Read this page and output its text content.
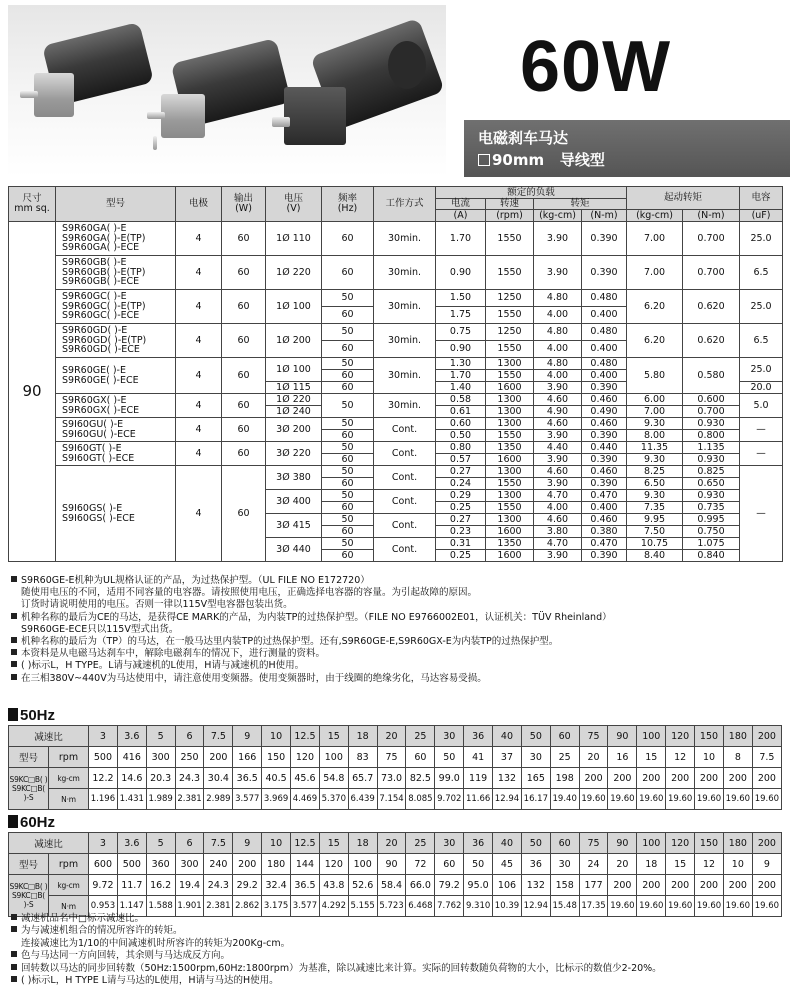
60W
电磁刹车马达
90mm 导线型
尺寸
mm sq.	型号	电极	输出
(W)	电压
(V)	频率
(Hz)	工作方式	额定的负载				起动转矩		电容
							电流	转速	转矩				
							(A)	(rpm)	(kg-cm)	(N-m)	(kg-cm)	(N-m)	(uF)
90	S9R60GA( )-E
S9R60GA( )-E(TP)
S9R60GA( )-ECE	4	60	1Ø 110	60	30min.	1.70	1550	3.90	0.390	7.00	0.700	25.0
	S9R60GB( )-E
S9R60GB( )-E(TP)
S9R60GB( )-ECE	4	60	1Ø 220	60	30min.	0.90	1550	3.90	0.390	7.00	0.700	6.5
	S9R60GC( )-E
S9R60GC( )-E(TP)
S9R60GC( )-ECE	4	60	1Ø 100	50	30min.	1.50	1250	4.80	0.480	6.20	0.620	25.0
					60		1.75	1550	4.00	0.400			
	S9R60GD( )-E
S9R60GD( )-E(TP)
S9R60GD( )-ECE	4	60	1Ø 200	50	30min.	0.75	1250	4.80	0.480	6.20	0.620	6.5
					60		0.90	1550	4.00	0.400			
	S9R60GE( )-E
S9R60GE( )-ECE	4	60	1Ø 100	50	30min.	1.30	1300	4.80	0.480	5.80	0.580	25.0
					60		1.70	1550	4.00	0.400			
				1Ø 115	60		1.40	1600	3.90	0.390			20.0
	S9R60GX( )-E
S9R60GX( )-ECE	4	60	1Ø 220	50	30min.	0.58	1300	4.60	0.460	6.00	0.600	5.0
				1Ø 240			0.61	1300	4.90	0.490	7.00	0.700	
	S9I60GU( )-E
S9I60GU( )-ECE	4	60	3Ø 200	50	Cont.	0.60	1300	4.60	0.460	9.30	0.930	—
					60		0.50	1550	3.90	0.390	8.00	0.800	
	S9I60GT( )-E
S9I60GT( )-ECE	4	60	3Ø 220	50	Cont.	0.80	1350	4.40	0.440	11.35	1.135	—
					60		0.57	1600	3.90	0.390	9.30	0.930	
	S9I60GS( )-E
S9I60GS( )-ECE	4	60	3Ø 380	50	Cont.	0.27	1300	4.60	0.460	8.25	0.825	—
					60		0.24	1550	3.90	0.390	6.50	0.650	
				3Ø 400	50	Cont.	0.29	1300	4.70	0.470	9.30	0.930	
					60		0.25	1550	4.00	0.400	7.35	0.735	
				3Ø 415	50	Cont.	0.27	1300	4.60	0.460	9.95	0.995	
					60		0.23	1600	3.80	0.380	7.50	0.750	
				3Ø 440	50	Cont.	0.31	1350	4.70	0.470	10.75	1.075	
					60		0.25	1600	3.90	0.390	8.40	0.840	

S9R60GE-E机种为UL规格认证的产品，为过热保护型。（UL FILE NO E172720）

随使用电压的不同，适用不同容量的电容器。请按照使用电压，正确选择电容器的容量。为引起故障的原因。

订货时请说明使用的电压。否则一律以115V型电容器包装出货。

机种名称的最后为CE的马达，是获得CE MARK的产品，为内装TP的过热保护型。（FILE NO E9766002E01，认证机关：TÜV Rheinland）

S9R60GE-ECE只以115V型式出货。

机种名称的最后为（TP）的马达，在一般马达里内装TP的过热保护型。还有,S9R60GE-E,S9R60GX-E为内装TP的过热保护型。

本资料是从电磁马达刹车中，解除电磁刹车的情况下，进行测量的资料。

( )标示L，H TYPE。L请与减速机的L使用，H请与减速机的H使用。

在三相380V~440V为马达使用中，请注意使用变频器。使用变频器时，由于线圈的绝缘劣化，马达容易受损。

50Hz
减速比		3	3.6	5	6	7.5	9	10	12.5	15	18	20	25	30	36	40	50	60	75	90	100	120	150	180	200
型号	rpm	500	416	300	250	200	166	150	120	100	83	75	60	50	41	37	30	25	20	16	15	12	10	8	7.5
S9KC□B( )
S9KC□B( )-S	kg-cm	12.2	14.6	20.3	24.3	30.4	36.5	40.5	45.6	54.8	65.7	73.0	82.5	99.0	119	132	165	198	200	200	200	200	200	200	200
	N·m	1.196	1.431	1.989	2.381	2.989	3.577	3.969	4.469	5.370	6.439	7.154	8.085	9.702	11.66	12.94	16.17	19.40	19.60	19.60	19.60	19.60	19.60	19.60	19.60
60Hz
减速比		3	3.6	5	6	7.5	9	10	12.5	15	18	20	25	30	36	40	50	60	75	90	100	120	150	180	200
型号	rpm	600	500	360	300	240	200	180	144	120	100	90	72	60	50	45	36	30	24	20	18	15	12	10	9
S9KC□B( )
S9KC□B( )-S	kg-cm	9.72	11.7	16.2	19.4	24.3	29.2	32.4	36.5	43.8	52.6	58.4	66.0	79.2	95.0	106	132	158	177	200	200	200	200	200	200
	N·m	0.953	1.147	1.588	1.901	2.381	2.862	3.175	3.577	4.292	5.155	5.723	6.468	7.762	9.310	10.39	12.94	15.48	17.35	19.60	19.60	19.60	19.60	19.60	19.60

减速机品名中□标示减速比。

为与减速机组合的情况所容许的转矩。

连接减速比为1/10的中间减速机时所容许的转矩为200Kg-cm。

色与马达同一方向回转，其余则与马达成反方向。

回转数以马达的同步回转数（50Hz:1500rpm,60Hz:1800rpm）为基准，除以减速比来计算。实际的回转数随负荷物的大小，比标示的数值少2-20%。

( )标示L，H TYPE L请与马达的L使用，H请与马达的H使用。
